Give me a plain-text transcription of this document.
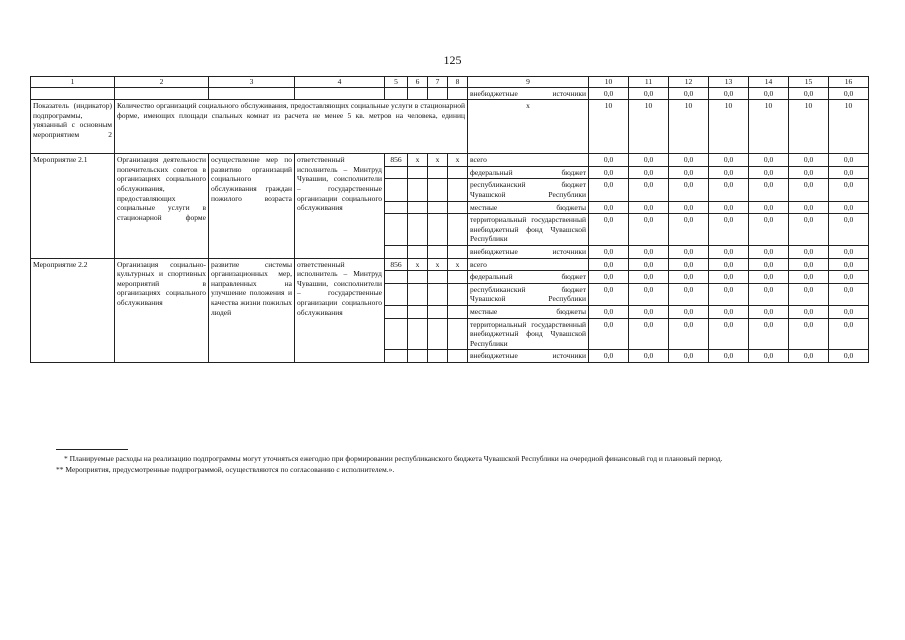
125
1	2	3	4	5	6	7	8	9	10	11	12	13	14	15	16
								внебюджетные источники	0,0	0,0	0,0	0,0	0,0	0,0	0,0
Показатель (индикатор) подпрограммы, увязанный с основным мероприятием 2	Количество организаций социального обслуживания, предоставляющих социальные услуги в стационарной форме, имеющих площади спальных комнат из расчета не менее 5 кв. метров на человека, единиц							х	10	10	10	10	10	10	10
Мероприятие 2.1	Организация деятельности попечительских советов в организациях социального обслуживания, предоставляющих социальные услуги в стационарной форме	осуществление мер по развитию организаций социального обслуживания граждан пожилого возраста	ответственный исполнитель – Минтруд Чувашии, соисполнители – государственные организации социального обслуживания	856	х	х	х	всего	0,0	0,0	0,0	0,0	0,0	0,0	0,0
								федеральный бюджет	0,0	0,0	0,0	0,0	0,0	0,0	0,0
								республиканский бюджет Чувашской Республики	0,0	0,0	0,0	0,0	0,0	0,0	0,0
								местные бюджеты	0,0	0,0	0,0	0,0	0,0	0,0	0,0
								территориальный государственный внебюджетный фонд Чувашской Республики	0,0	0,0	0,0	0,0	0,0	0,0	0,0
								внебюджетные источники	0,0	0,0	0,0	0,0	0,0	0,0	0,0
Мероприятие 2.2	Организация социально-культурных и спортивных мероприятий в организациях социального обслуживания	развитие системы организационных мер, направленных на улучшение положения и качества жизни пожилых людей	ответственный исполнитель – Минтруд Чувашии, соисполнители – государственные организации социального обслуживания	856	х	х	х	всего	0,0	0,0	0,0	0,0	0,0	0,0	0,0
								федеральный бюджет	0,0	0,0	0,0	0,0	0,0	0,0	0,0
								республиканский бюджет Чувашской Республики	0,0	0,0	0,0	0,0	0,0	0,0	0,0
								местные бюджеты	0,0	0,0	0,0	0,0	0,0	0,0	0,0
								территориальный государственный внебюджетный фонд Чувашской Республики	0,0	0,0	0,0	0,0	0,0	0,0	0,0
								внебюджетные источники	0,0	0,0	0,0	0,0	0,0	0,0	0,0

* Планируемые расходы на реализацию подпрограммы могут уточняться ежегодно при формировании республиканского бюджета Чувашской Республики на очередной финансовый год и плановый период.

** Мероприятия, предусмотренные подпрограммой, осуществляются по согласованию с исполнителем.».
